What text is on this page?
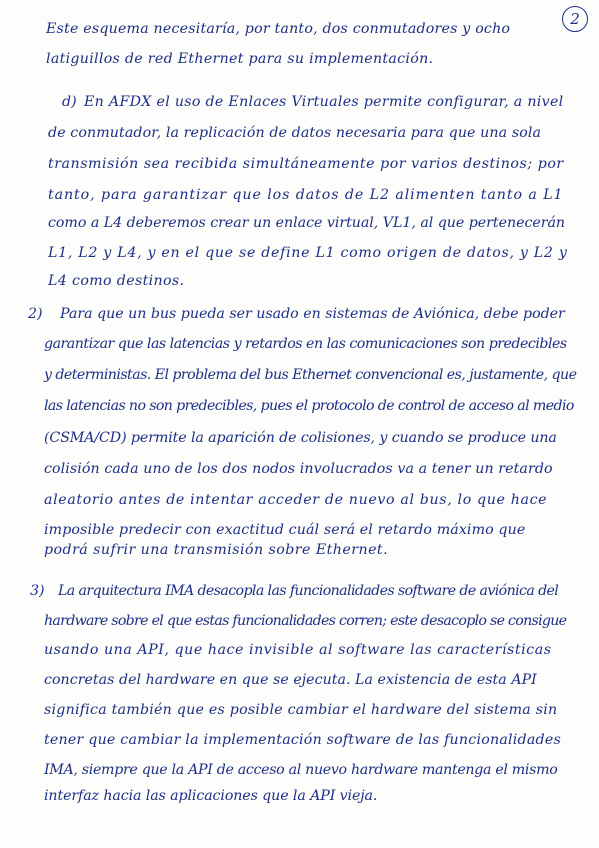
2
Este esquema necesitaría, por tanto, dos conmutadores y ocho
latiguillos de red Ethernet para su implementación.
d) En AFDX el uso de Enlaces Virtuales permite configurar, a nivel
de conmutador, la replicación de datos necesaria para que una sola
transmisión sea recibida simultáneamente por varios destinos; por
tanto, para garantizar que los datos de L2 alimenten tanto a L1
como a L4 deberemos crear un enlace virtual, VL1, al que pertenecerán
L1, L2 y L4, y en el que se define L1 como origen de datos, y L2 y
L4 como destinos.
2) Para que un bus pueda ser usado en sistemas de Aviónica, debe poder
garantizar que las latencias y retardos en las comunicaciones son predecibles
y deterministas. El problema del bus Ethernet convencional es, justamente, que
las latencias no son predecibles, pues el protocolo de control de acceso al medio
(CSMA/CD) permite la aparición de colisiones, y cuando se produce una
colisión cada uno de los dos nodos involucrados va a tener un retardo
aleatorio antes de intentar acceder de nuevo al bus, lo que hace
imposible predecir con exactitud cuál será el retardo máximo que
podrá sufrir una transmisión sobre Ethernet.
3) La arquitectura IMA desacopla las funcionalidades software de aviónica del
hardware sobre el que estas funcionalidades corren; este desacoplo se consigue
usando una API, que hace invisible al software las características
concretas del hardware en que se ejecuta. La existencia de esta API
significa también que es posible cambiar el hardware del sistema sin
tener que cambiar la implementación software de las funcionalidades
IMA, siempre que la API de acceso al nuevo hardware mantenga el mismo
interfaz hacia las aplicaciones que la API vieja.
